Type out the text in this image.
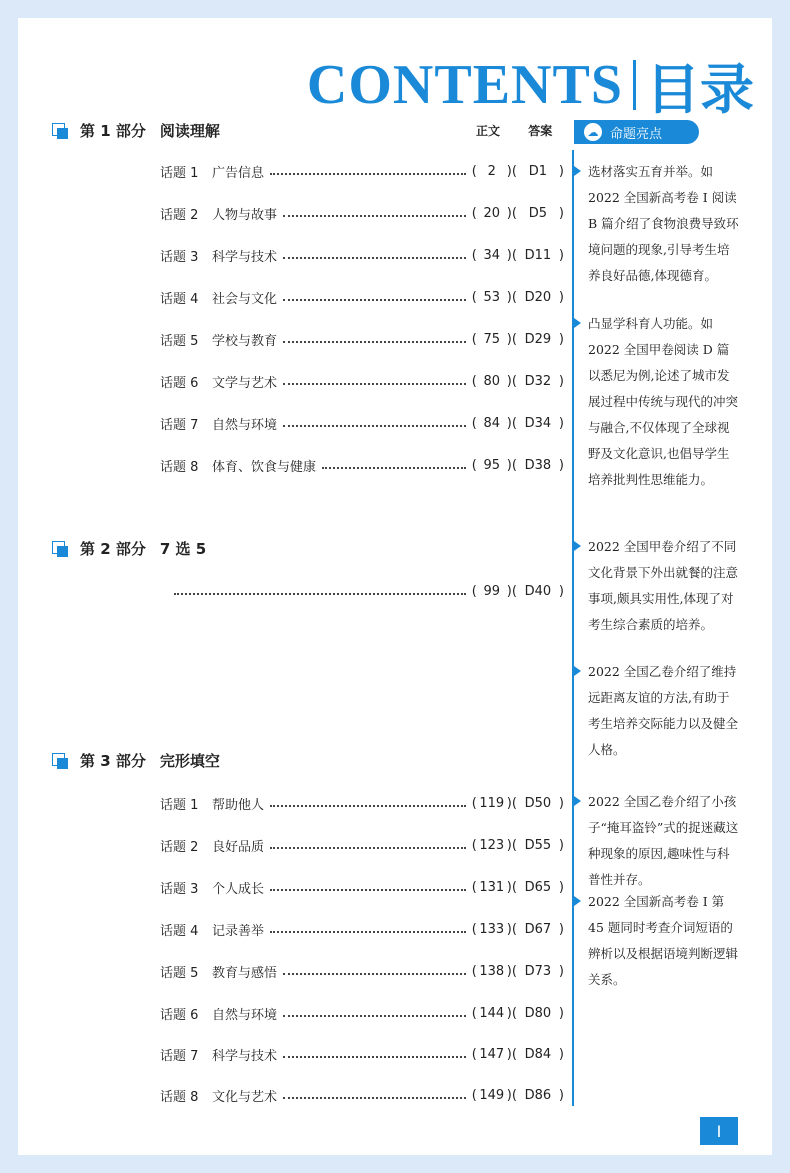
CONTENTS 目录
正文 答案
第 1 部分 阅读理解
话题 1	广告信息	( 2 )( D1 )
话题 2	人物与故事	( 20 )( D5 )
话题 3	科学与技术	( 34 )( D11 )
话题 4	社会与文化	( 53 )( D20 )
话题 5	学校与教育	( 75 )( D29 )
话题 6	文学与艺术	( 80 )( D32 )
话题 7	自然与环境	( 84 )( D34 )
话题 8	体育、饮食与健康	( 95 )( D38 )
第 2 部分 7 选 5
( 99 )( D40 )
第 3 部分 完形填空
话题 1	帮助他人	( 119 )( D50 )
话题 2	良好品质	( 123 )( D55 )
话题 3	个人成长	( 131 )( D65 )
话题 4	记录善举	( 133 )( D67 )
话题 5	教育与感悟	( 138 )( D73 )
话题 6	自然与环境	( 144 )( D80 )
话题 7	科学与技术	( 147 )( D84 )
话题 8	文化与艺术	( 149 )( D86 )
☁ 命题亮点
选材落实五育并举。如 2022 全国新高考卷 Ⅰ 阅读 B 篇介绍了食物浪费导致环境问题的现象,引导考生培养良好品德,体现德育。
凸显学科育人功能。如 2022 全国甲卷阅读 D 篇以悉尼为例,论述了城市发展过程中传统与现代的冲突与融合,不仅体现了全球视野及文化意识,也倡导学生培养批判性思维能力。
2022 全国甲卷介绍了不同文化背景下外出就餐的注意事项,颇具实用性,体现了对考生综合素质的培养。
2022 全国乙卷介绍了维持远距离友谊的方法,有助于考生培养交际能力以及健全人格。
2022 全国乙卷介绍了小孩子“掩耳盗铃”式的捉迷藏这种现象的原因,趣味性与科普性并存。
2022 全国新高考卷 Ⅰ 第 45 题同时考查介词短语的辨析以及根据语境判断逻辑关系。
Ⅰ
